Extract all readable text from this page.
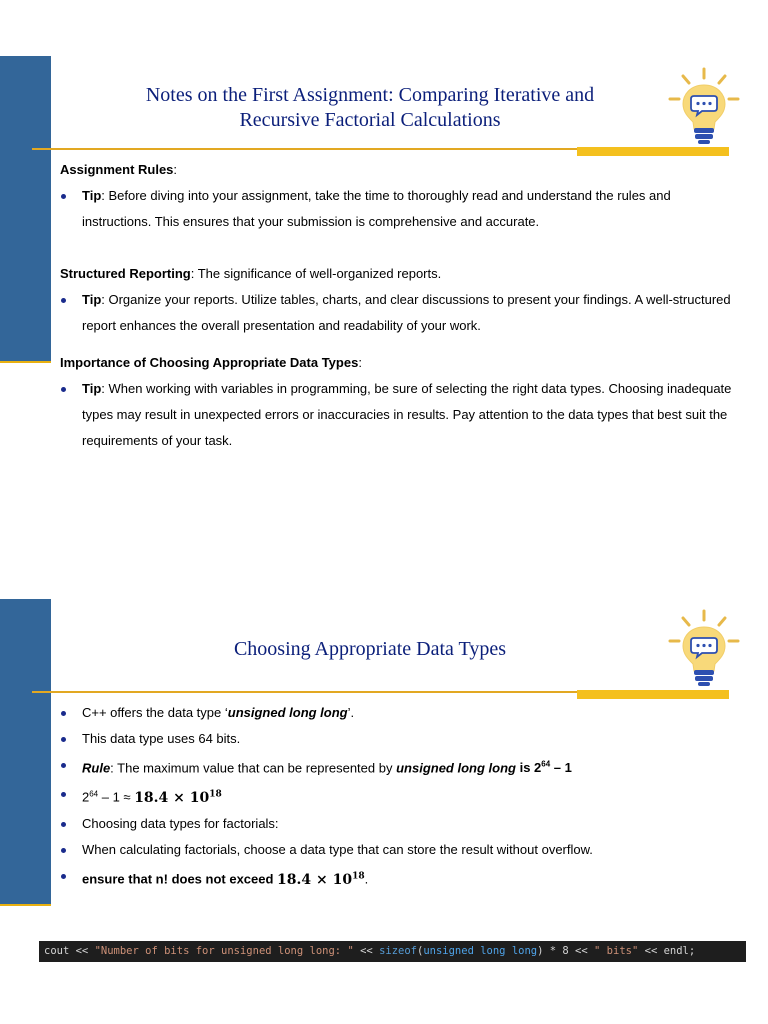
Notes on the First Assignment: Comparing Iterative and
Recursive Factorial Calculations

Assignment Rules:

Tip: Before diving into your assignment, take the time to thoroughly read and understand the rules and instructions. This ensures that your submission is comprehensive and accurate.

Structured Reporting: The significance of well-organized reports.

Tip: Organize your reports. Utilize tables, charts, and clear discussions to present your findings. A well-structured report enhances the overall presentation and readability of your work.

Importance of Choosing Appropriate Data Types:

Tip: When working with variables in programming, be sure of selecting the right data types. Choosing inadequate types may result in unexpected errors or inaccuracies in results. Pay attention to the data types that best suit the requirements of your task.
Choosing Appropriate Data Types
C++ offers the data type ‘unsigned long long’.
This data type uses 64 bits.
Rule: The maximum value that can be represented by unsigned long long is $2^{64} - 1$
$2^{64} - 1 \approx 18.4 \times 10^{18}$
Choosing data types for factorials:
When calculating factorials, choose a data type that can store the result without overflow.
ensure that n! does not exceed $18.4 \times 10^{18}$.
cout << "Number of bits for unsigned long long: " << sizeof(unsigned long long) * 8 << " bits" << endl;
